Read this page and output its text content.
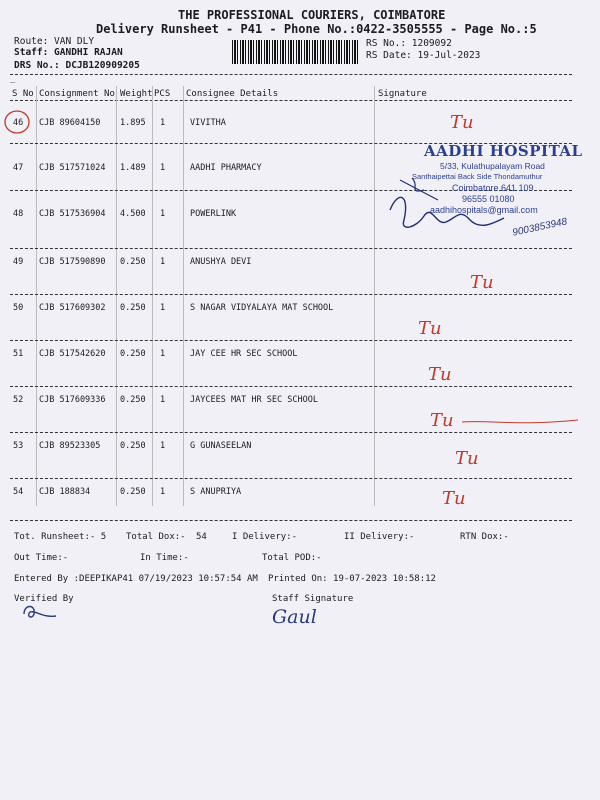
THE PROFESSIONAL COURIERS, COIMBATORE
Delivery Runsheet - P41 - Phone No.:0422-3505555 - Page No.:5
Route: VAN DLY
Staff: GANDHI RAJAN
DRS No.: DCJB120909205
RS No.: 1209092
RS Date: 19-Jul-2023
_
S No Consignment No Weight PCS Consignee Details	Signature
46 CJB 89604150 1.895 1	VIVITHA
47 CJB 517571024 1.489 1	AADHI PHARMACY
48 CJB 517536904 4.500 1	POWERLINK
49 CJB 517590890 0.250 1	ANUSHYA DEVI
50 CJB 517609302 0.250 1	S NAGAR VIDYALAYA MAT SCHOOL
51 CJB 517542620 0.250 1	JAY CEE HR SEC SCHOOL
52 CJB 517609336 0.250 1	JAYCEES MAT HR SEC SCHOOL
53 CJB 89523305 0.250 1	G GUNASEELAN
54 CJB 188834	0.250 1	S ANUPRIYA
Tu
Tu
Tu
Tu
Tu
Tu
Tu
AADHI HOSPITAL
5/33, Kulathupalayam Road
Santhaipettai Back Side Thondamuthur
Coimbatore 641 109
96555 01080
aadhihospitals@gmail.com
9003853948
Tot. Runsheet:- 5 Total Dox:- 54	I Delivery:-	II Delivery:-	RTN Dox:-
Out Time:-	In Time:-	Total POD:-
Entered By :DEEPIKAP41 07/19/2023 10:57:54 AM Printed On: 19-07-2023 10:58:12
Verified By	Staff Signature
Gaul
